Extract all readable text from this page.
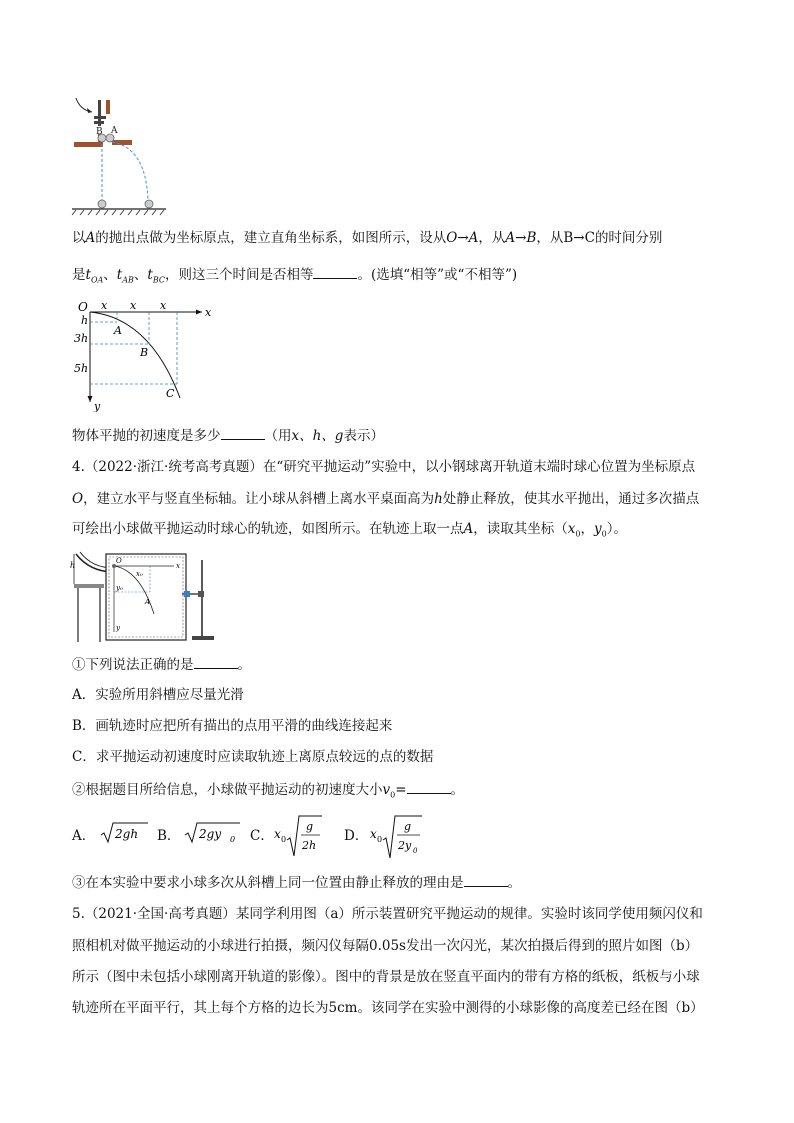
B A
以A的抛出点做为坐标原点，建立直角坐标系，如图所示，设从O→A，从A→B，从B→C的时间分别
是$t_{OA}$、$t_{AB}$、$t_{BC}$，则这三个时间是否相等	。(选填“相等”或“不相等”)
O x x x
x
y
h
3h
5h
A
B
C
物体平抛的初速度是多少	（用x、h、g表示）
4.（2022·浙江·统考高考真题）在“研究平抛运动”实验中，以小钢球离开轨道末端时球心位置为坐标原点
O，建立水平与竖直坐标轴。让小球从斜槽上离水平桌面高为h处静止释放，使其水平抛出，通过多次描点
可绘出小球做平抛运动时球心的轨迹，如图所示。在轨迹上取一点A，读取其坐标（$x_0$，$y_0$）。
h	O
x₀
x
y₀
A
y
①下列说法正确的是	。
A．实验所用斜槽应尽量光滑
B．画轨迹时应把所有描出的点用平滑的曲线连接起来
C．求平抛运动初速度时应读取轨迹上离原点较远的点的数据
②根据题目所给信息，小球做平抛运动的初速度大小$v_0=$	。
A． 2gh B． 2gy 0 C． x 0
g
2h
D． x 0
g
2y 0
③在本实验中要求小球多次从斜槽上同一位置由静止释放的理由是	。
5.（2021·全国·高考真题）某同学利用图（a）所示装置研究平抛运动的规律。实验时该同学使用频闪仪和
照相机对做平抛运动的小球进行拍摄，频闪仪每隔0.05s发出一次闪光，某次拍摄后得到的照片如图（b）
所示（图中未包括小球刚离开轨道的影像）。图中的背景是放在竖直平面内的带有方格的纸板，纸板与小球
轨迹所在平面平行，其上每个方格的边长为5cm。该同学在实验中测得的小球影像的高度差已经在图（b）
